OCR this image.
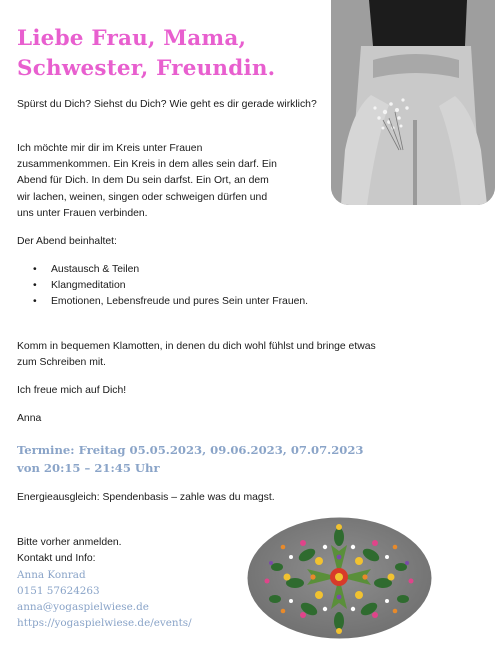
Liebe Frau, Mama,
Schwester, Freundin.

Spürst du Dich? Siehst du Dich? Wie geht es dir gerade wirklich?

Ich möchte mir dir im Kreis unter Frauen
zusammenkommen. Ein Kreis in dem alles sein darf. Ein
Abend für Dich. In dem Du sein darfst. Ein Ort, an dem
wir lachen, weinen, singen oder schweigen dürfen und
uns unter Frauen verbinden.

Der Abend beinhaltet:

• Austausch & Teilen
• Klangmeditation
• Emotionen, Lebensfreude und pures Sein unter Frauen.

Komm in bequemen Klamotten, in denen du dich wohl fühlst und bringe etwas
zum Schreiben mit.

Ich freue mich auf Dich!

Anna

Termine: Freitag 05.05.2023, 09.06.2023, 07.07.2023
von 20:15 – 21:45 Uhr

Energieausgleich: Spendenbasis – zahle was du magst.

Bitte vorher anmelden.

Kontakt und Info:

Anna Konrad

0151 57624263

anna@yogaspielwiese.de

https://yogaspielwiese.de/events/
